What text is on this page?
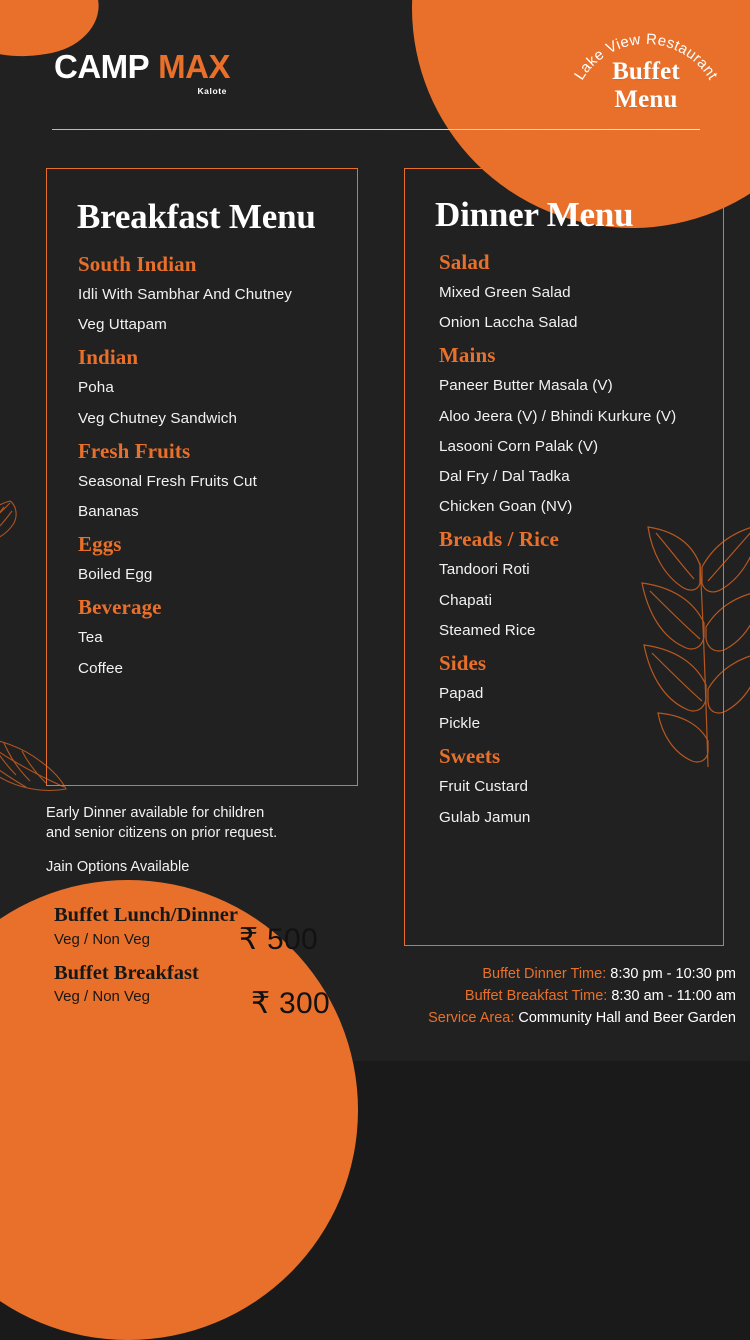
CAMP MAX
Kalote
Lake View Restaurant
Buffet
Menu
Breakfast Menu
South Indian
Idli With Sambhar And Chutney
Veg Uttapam
Indian
Poha
Veg Chutney Sandwich
Fresh Fruits
Seasonal Fresh Fruits Cut
Bananas
Eggs
Boiled Egg
Beverage
Tea
Coffee
Dinner Menu
Salad
Mixed Green Salad
Onion Laccha Salad
Mains
Paneer Butter Masala (V)
Aloo Jeera (V) / Bhindi Kurkure (V)
Lasooni Corn Palak (V)
Dal Fry / Dal Tadka
Chicken Goan (NV)
Breads / Rice
Tandoori Roti
Chapati
Steamed Rice
Sides
Papad
Pickle
Sweets
Fruit Custard
Gulab Jamun
Early Dinner available for children
and senior citizens on prior request.
Jain Options Available
Buffet Lunch/Dinner
Veg / Non Veg	₹ 500
Buffet Breakfast
Veg / Non Veg	₹ 300
Buffet Dinner Time: 8:30 pm - 10:30 pm
Buffet Breakfast Time: 8:30 am - 11:00 am
Service Area: Community Hall and Beer Garden
